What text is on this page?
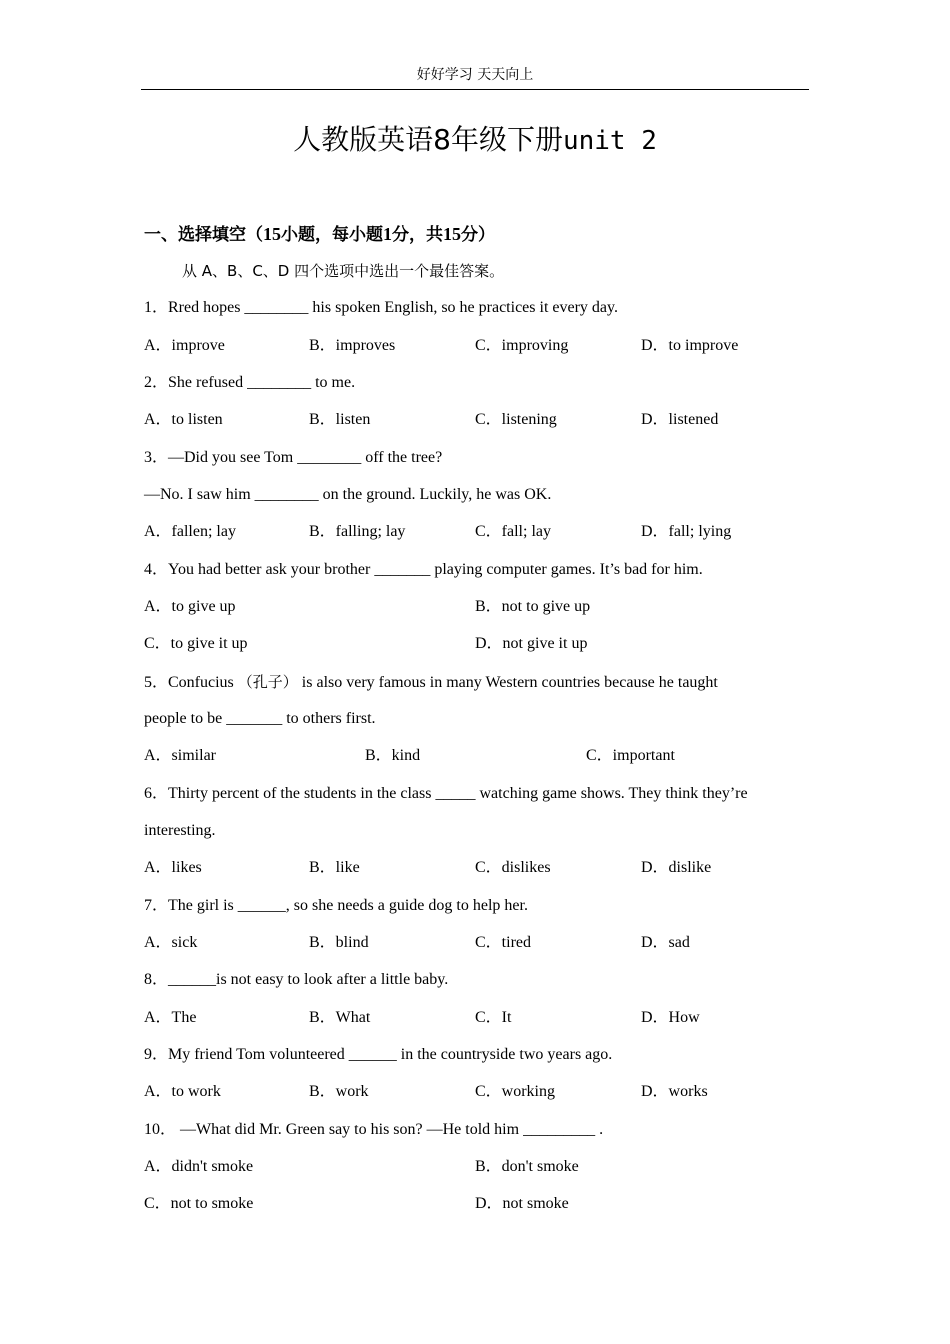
好好学习 天天向上
人教版英语8年级下册unit 2
一、选择填空（15小题，每小题1分，共15分）
从 A、B、C、D 四个选项中选出一个最佳答案。
1．Rred hopes ________ his spoken English, so he practices it every day.
A．improve	B．improves	C．improving	D．to improve
2．She refused ________ to me.
A．to listen	B．listen	C．listening	D．listened
3．—Did you see Tom ________ off the tree?
—No. I saw him ________ on the ground. Luckily, he was OK.
A．fallen; lay	B．falling; lay	C．fall; lay	D．fall; lying
4．You had better ask your brother _______ playing computer games. It’s bad for him.
A．to give up	B．not to give up
C．to give it up	D．not give it up
5．Confucius （孔子） is also very famous in many Western countries because he taught
people to be _______ to others first.
A．similar	B．kind	C．important
6．Thirty percent of the students in the class _____ watching game shows. They think they’re
interesting.
A．likes	B．like	C．dislikes	D．dislike
7．The girl is ______, so she needs a guide dog to help her.
A．sick	B．blind	C．tired	D．sad
8．______is not easy to look after a little baby.
A．The	B．What	C．It	D．How
9．My friend Tom volunteered ______ in the countryside two years ago.
A．to work	B．work	C．working	D．works
10． —What did Mr. Green say to his son? —He told him _________ .
A．didn't smoke	B．don't smoke
C．not to smoke	D．not smoke
